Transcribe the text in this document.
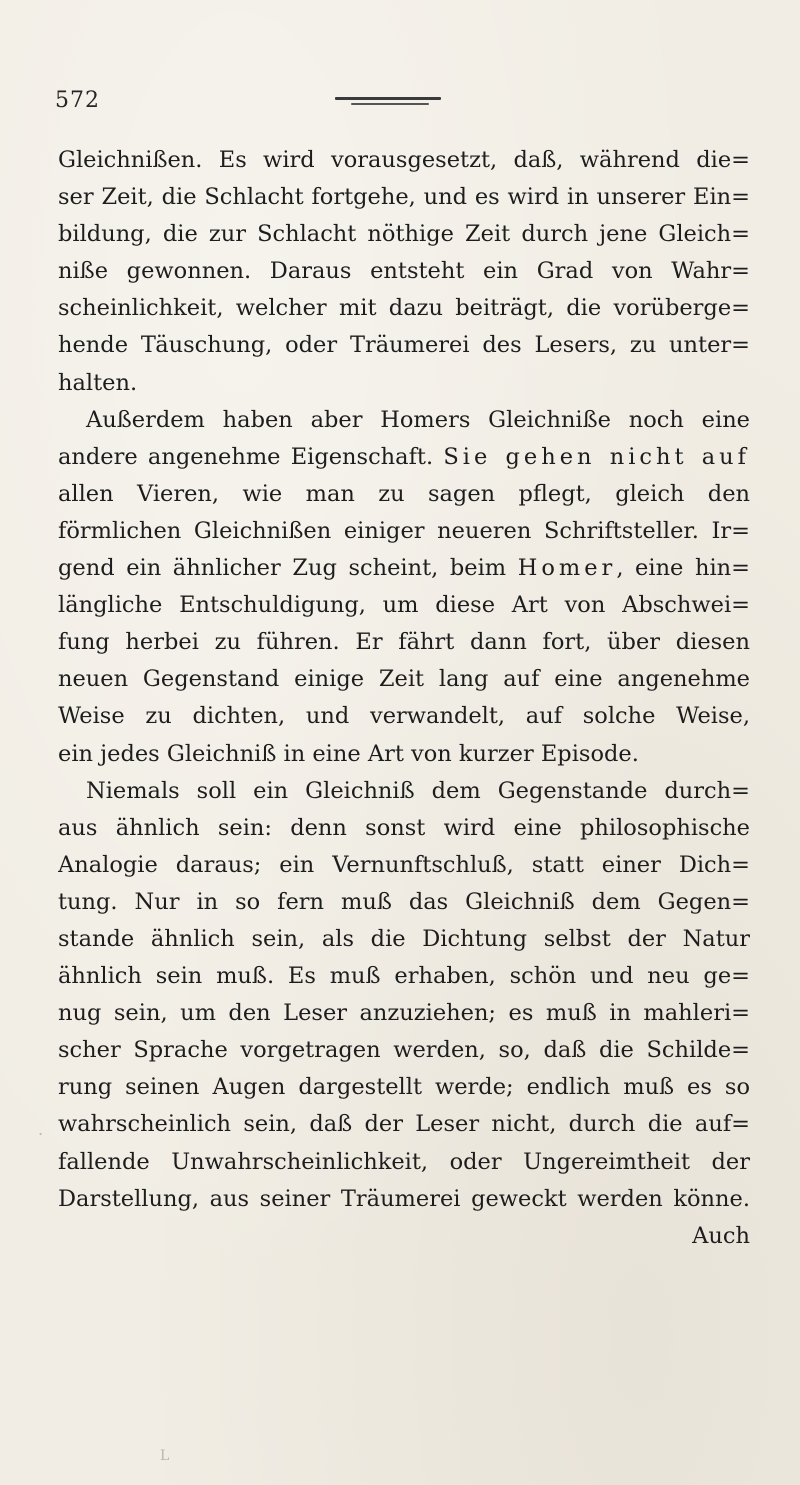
572
Gleichnißen. Es wird vorausgesetzt, daß, während die=
ser Zeit, die Schlacht fortgehe, und es wird in unserer Ein=
bildung, die zur Schlacht nöthige Zeit durch jene Gleich=
niße gewonnen. Daraus entsteht ein Grad von Wahr=
scheinlichkeit, welcher mit dazu beiträgt, die vorüberge=
hende Täuschung, oder Träumerei des Lesers, zu unter=
halten.
Außerdem haben aber Homers Gleichniße noch eine
andere angenehme Eigenschaft. Sie gehen nicht auf
allen Vieren, wie man zu sagen pflegt, gleich den
förmlichen Gleichnißen einiger neueren Schriftsteller. Ir=
gend ein ähnlicher Zug scheint, beim Homer, eine hin=
längliche Entschuldigung, um diese Art von Abschwei=
fung herbei zu führen. Er fährt dann fort, über diesen
neuen Gegenstand einige Zeit lang auf eine angenehme
Weise zu dichten, und verwandelt, auf solche Weise,
ein jedes Gleichniß in eine Art von kurzer Episode.
Niemals soll ein Gleichniß dem Gegenstande durch=
aus ähnlich sein: denn sonst wird eine philosophische
Analogie daraus; ein Vernunftschluß, statt einer Dich=
tung. Nur in so fern muß das Gleichniß dem Gegen=
stande ähnlich sein, als die Dichtung selbst der Natur
ähnlich sein muß. Es muß erhaben, schön und neu ge=
nug sein, um den Leser anzuziehen; es muß in mahleri=
scher Sprache vorgetragen werden, so, daß die Schilde=
rung seinen Augen dargestellt werde; endlich muß es so
wahrscheinlich sein, daß der Leser nicht, durch die auf=
fallende Unwahrscheinlichkeit, oder Ungereimtheit der
Darstellung, aus seiner Träumerei geweckt werden könne.
Auch
.
L
